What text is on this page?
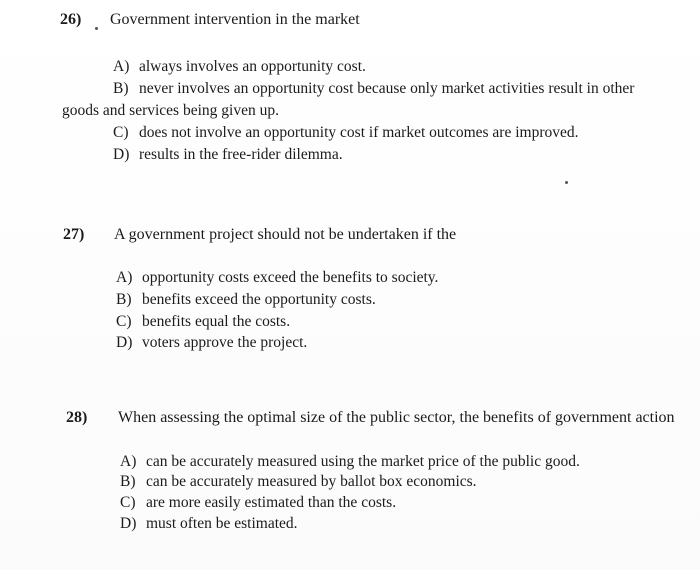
26) Government intervention in the market
A) always involves an opportunity cost.
B) never involves an opportunity cost because only market activities result in other
goods and services being given up.
C) does not involve an opportunity cost if market outcomes are improved.
D) results in the free-rider dilemma.
27) A government project should not be undertaken if the
A) opportunity costs exceed the benefits to society.
B) benefits exceed the opportunity costs.
C) benefits equal the costs.
D) voters approve the project.
28) When assessing the optimal size of the public sector, the benefits of government action
A) can be accurately measured using the market price of the public good.
B) can be accurately measured by ballot box economics.
C) are more easily estimated than the costs.
D) must often be estimated.
